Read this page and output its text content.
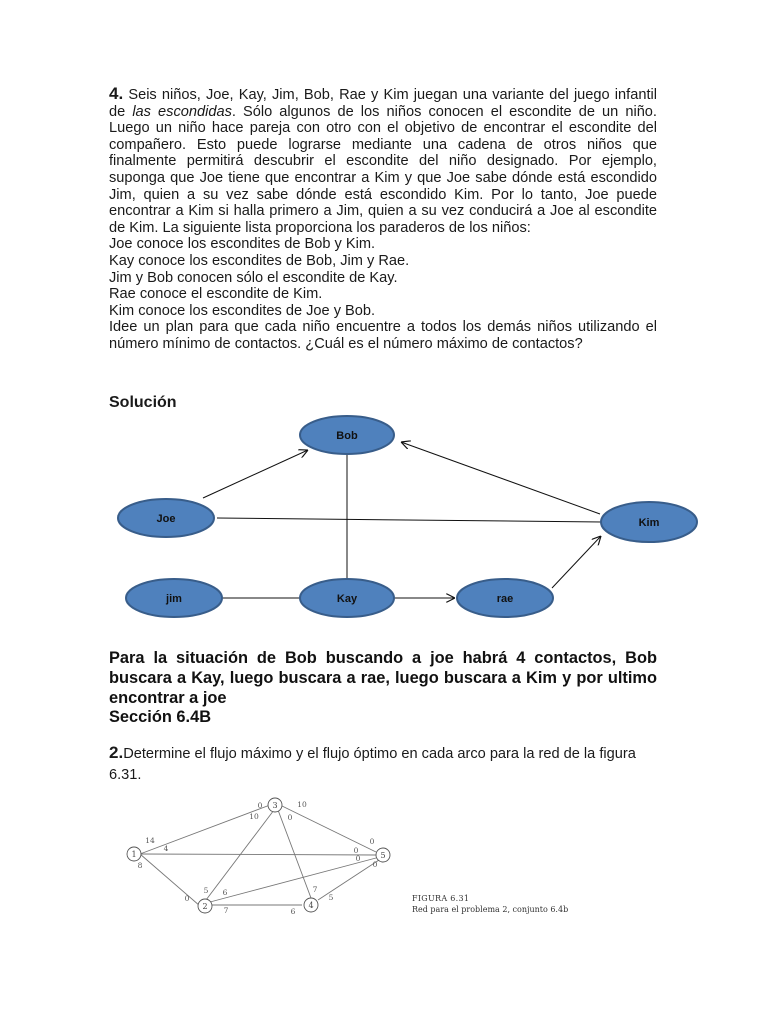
4. Seis niños, Joe, Kay, Jim, Bob, Rae y Kim juegan una variante del juego infantil de las escondidas. Sólo algunos de los niños conocen el escondite de un niño. Luego un niño hace pareja con otro con el objetivo de encontrar el escondite del compañero. Esto puede lograrse mediante una cadena de otros niños que finalmente permitirá descubrir el escondite del niño designado. Por ejemplo, suponga que Joe tiene que encontrar a Kim y que Joe sabe dónde está escondido Jim, quien a su vez sabe dónde está escondido Kim. Por lo tanto, Joe puede encontrar a Kim si halla primero a Jim, quien a su vez conducirá a Joe al escondite de Kim. La siguiente lista proporciona los paraderos de los niños:
Joe conoce los escondites de Bob y Kim.
Kay conoce los escondites de Bob, Jim y Rae.
Jim y Bob conocen sólo el escondite de Kay.
Rae conoce el escondite de Kim.
Kim conoce los escondites de Joe y Bob.
Idee un plan para que cada niño encuentre a todos los demás niños utilizando el número mínimo de contactos. ¿Cuál es el número máximo de contactos?
Solución
Bob
Joe	Kim
jim	Kay	rae
Para la situación de Bob buscando a joe habrá 4 contactos, Bob buscara a Kay, luego buscara a rae, luego buscara a Kim y por ultimo encontrar a joe
Sección 6.4B
2.Determine el flujo máximo y el flujo óptimo en cada arco para la red de la figura 6.31.
1
3
5
2	4
14
4
8
0	10
10	0
0
0
0
0
5 6
0
7	6
7
5	FIGURA 6.31
Red para el problema 2, conjunto 6.4b
